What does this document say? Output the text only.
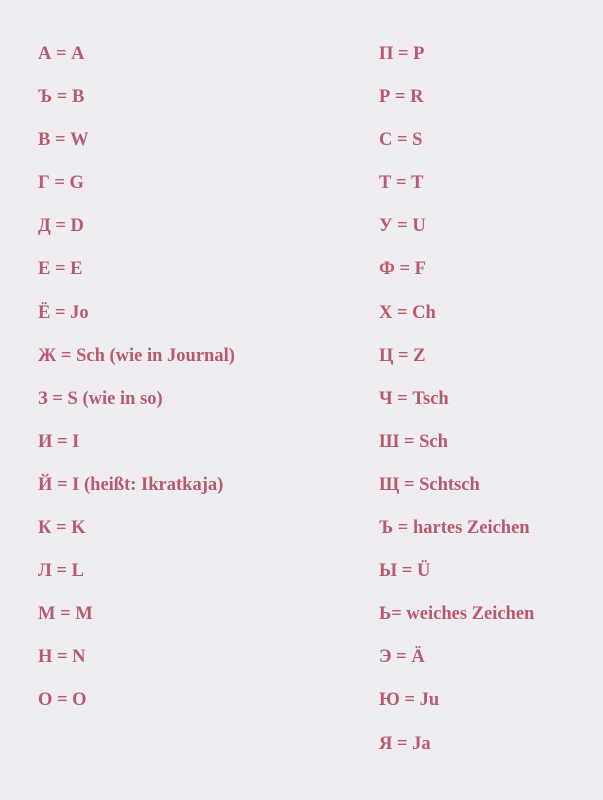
А = А
Ъ = В
В = W
Г = G
Д = D
Е = Е
Ё = Jo
Ж = Sch (wie in Journal)
З = S (wie in so)
И = I
Й = I (heißt: Ikratkaja)
К = K
Л = L
М = M
Н = N
О = O
П = P
Р = R
С = S
Т = T
У = U
Ф = F
Х = Ch
Ц = Z
Ч = Tsch
Ш = Sch
Щ = Schtsch
Ъ = hartes Zeichen
Ы = Ü
Ь= weiches Zeichen
Э = Ä
Ю = Ju
Я = Ja
